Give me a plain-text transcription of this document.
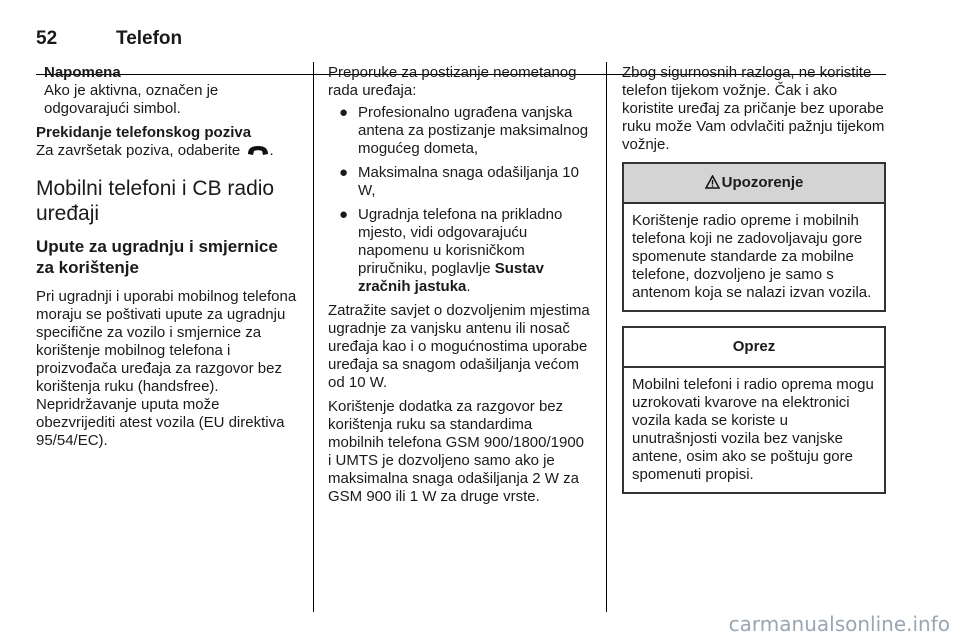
52	Telefon

Napomena

Ako je aktivna, označen je odgovarajući simbol.

Prekidanje telefonskog poziva

Za završetak poziva, odaberite .

Mobilni telefoni i CB radio uređaji

Upute za ugradnju i smjernice za korištenje

Pri ugradnji i uporabi mobilnog telefona moraju se poštivati upute za ugradnju specifične za vozilo i smjernice za korištenje mobilnog telefona i proizvođača uređaja za razgovor bez korištenja ruku (handsfree). Nepridržavanje uputa može obezvrijediti atest vozila (EU direktiva 95/54/EC).

Preporuke za postizanje neometanog rada uređaja:

● Profesionalno ugrađena vanjska antena za postizanje maksimalnog mogućeg dometa,
● Maksimalna snaga odašiljanja 10 W,
● Ugradnja telefona na prikladno mjesto, vidi odgovarajuću napomenu u korisničkom priručniku, poglavlje Sustav zračnih jastuka.

Zatražite savjet o dozvoljenim mjestima ugradnje za vanjsku antenu ili nosač uređaja kao i o mogućnostima uporabe uređaja sa snagom odašiljanja većom od 10 W.

Korištenje dodatka za razgovor bez korištenja ruku sa standardima mobilnih telefona GSM 900/1800/1900 i UMTS je dozvoljeno samo ako je maksimalna snaga odašiljanja 2 W za GSM 900 ili 1 W za druge vrste.

Zbog sigurnosnih razloga, ne koristite telefon tijekom vožnje. Čak i ako koristite uređaj za pričanje bez uporabe ruku može Vam odvlačiti pažnju tijekom vožnje.

Upozorenje
Korištenje radio opreme i mobilnih telefona koji ne zadovoljavaju gore spomenute standarde za mobilne telefone, dozvoljeno je samo s antenom koja se nalazi izvan vozila.
Oprez
Mobilni telefoni i radio oprema mogu uzrokovati kvarove na elektronici vozila kada se koriste u unutrašnjosti vozila bez vanjske antene, osim ako se poštuju gore spomenuti propisi.
carmanualsonline.info
